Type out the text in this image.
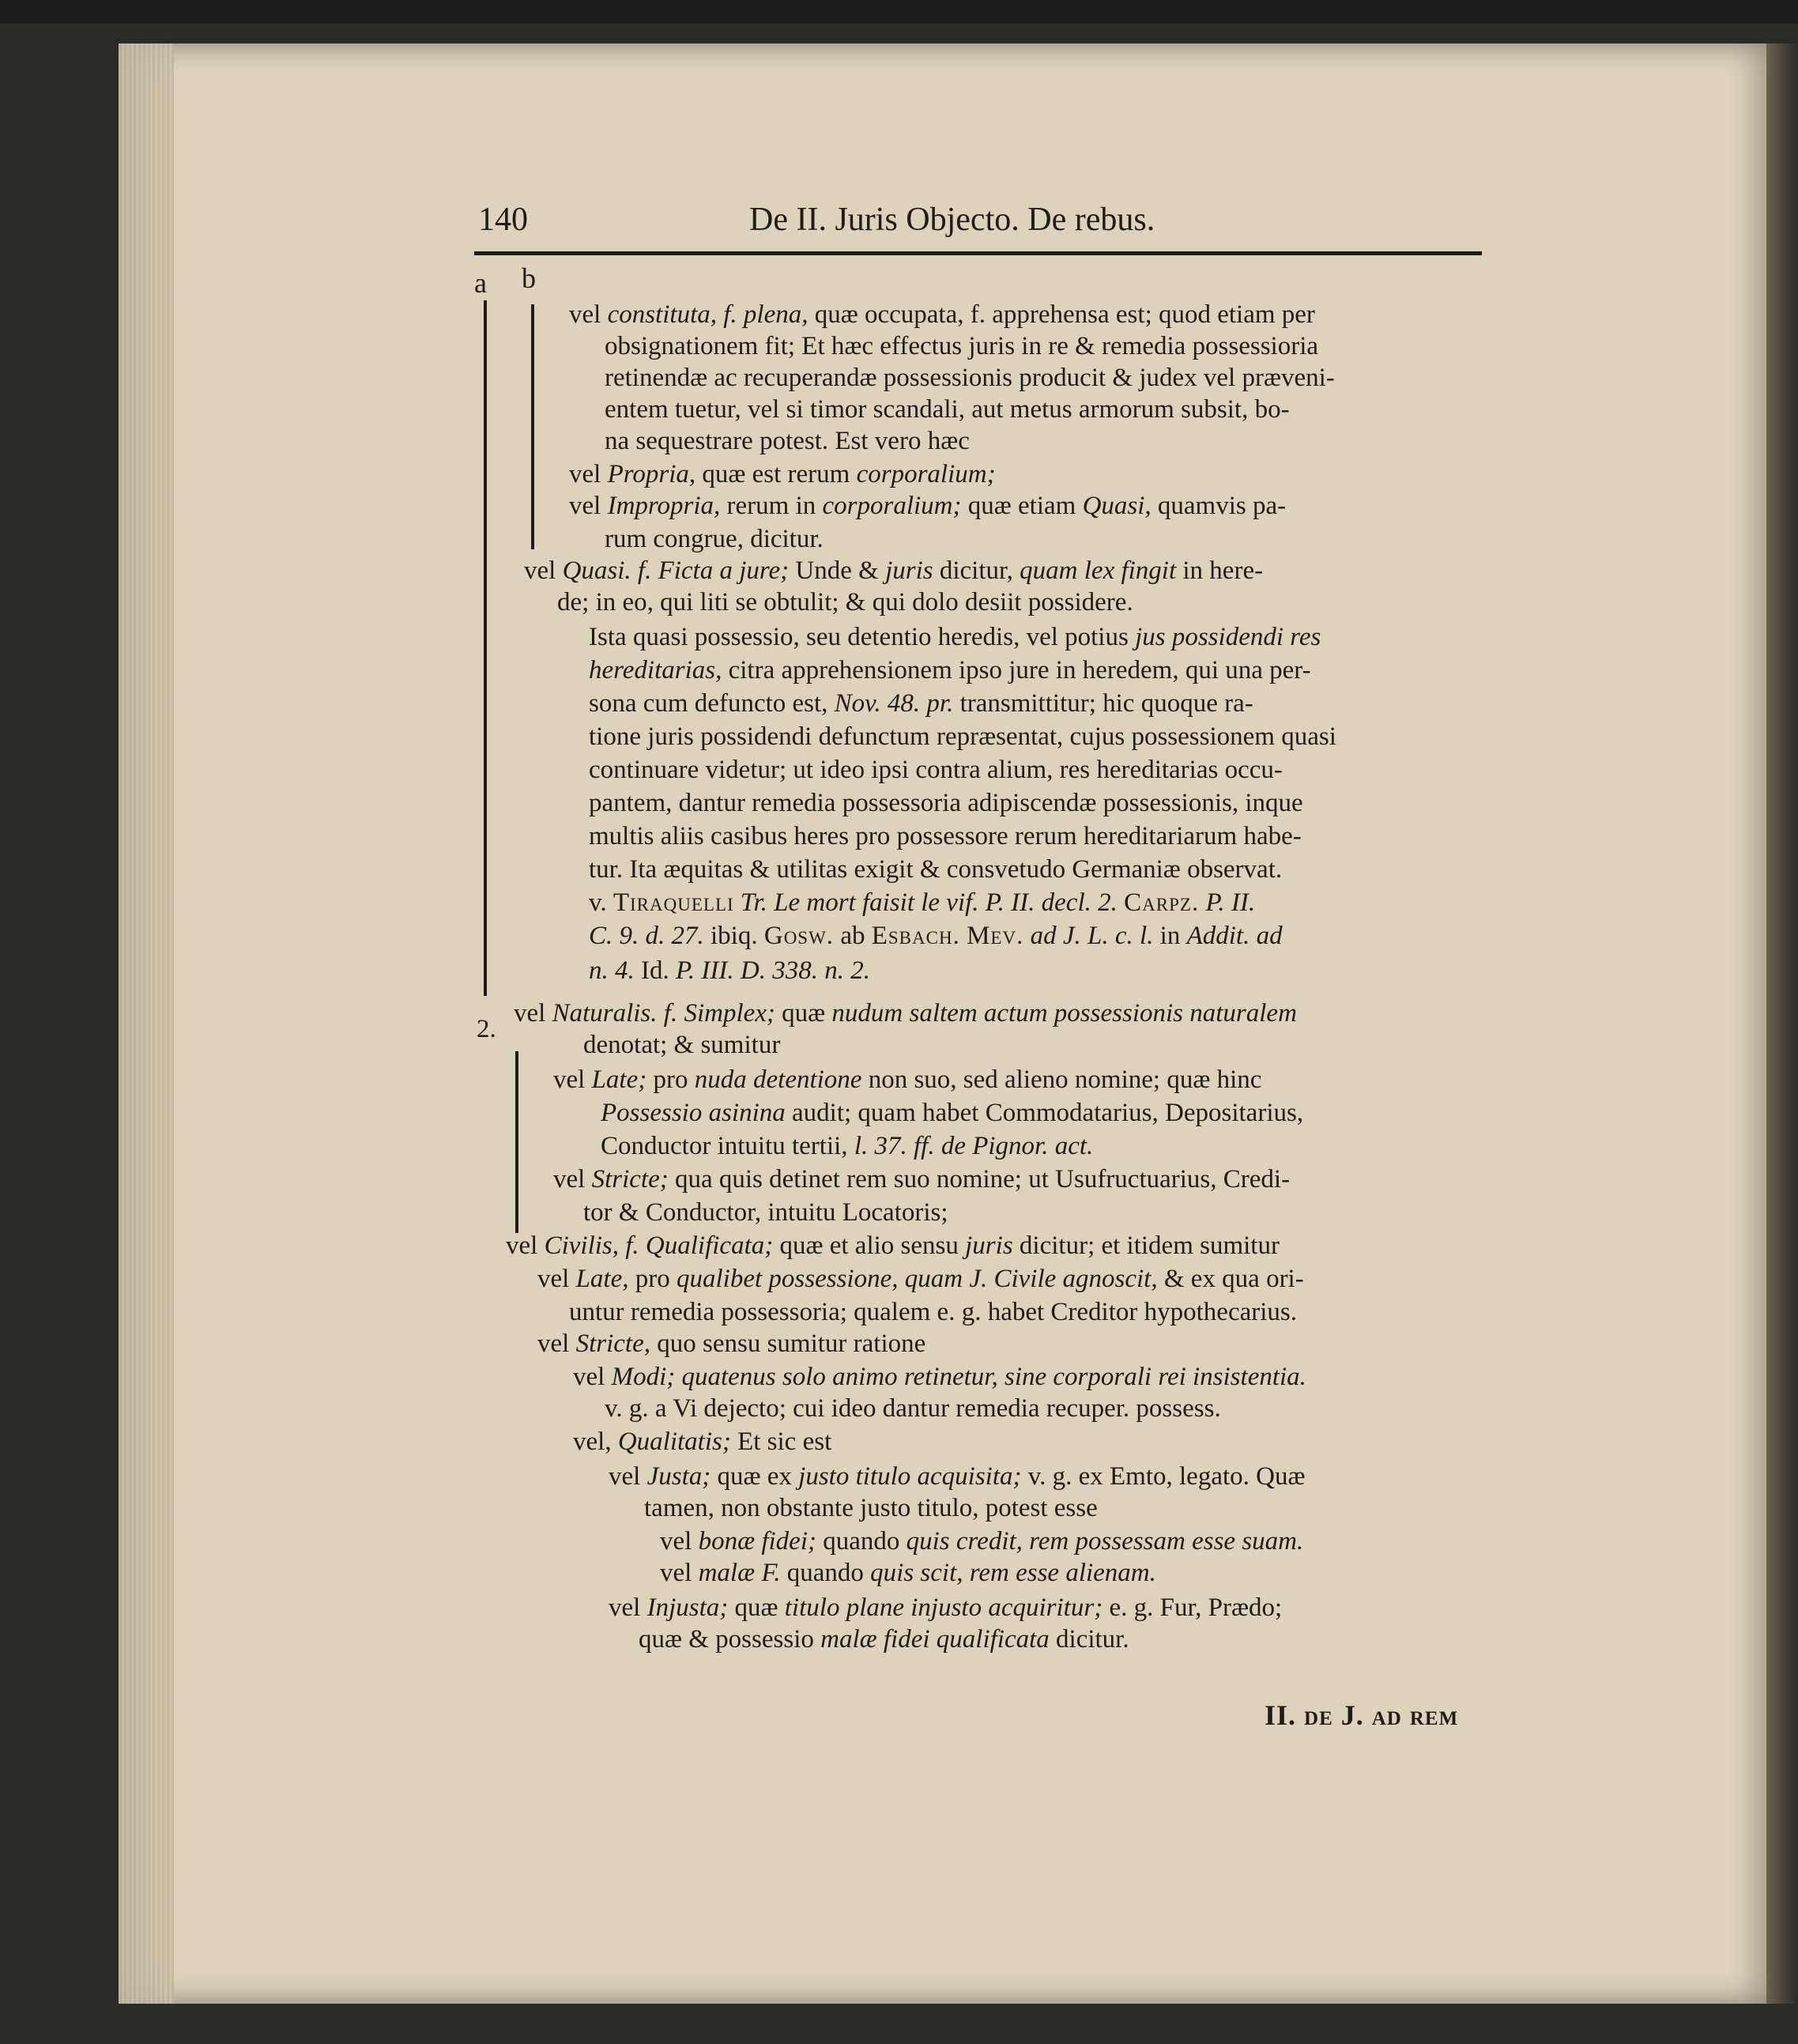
140	De II. Juris Objecto. De rebus.
a b
2.
vel constituta, f. plena, quæ occupata, f. apprehensa est; quod etiam per
obsignationem fit; Et hæc effectus juris in re & remedia possessioria
retinendæ ac recuperandæ possessionis producit & judex vel præveni-
entem tuetur, vel si timor scandali, aut metus armorum subsit, bo-
na sequestrare potest. Est vero hæc
vel Propria, quæ est rerum corporalium;
vel Impropria, rerum in corporalium; quæ etiam Quasi, quamvis pa-
rum congrue, dicitur.
vel Quasi. f. Ficta a jure; Unde & juris dicitur, quam lex fingit in here-
de; in eo, qui liti se obtulit; & qui dolo desiit possidere.
Ista quasi possessio, seu detentio heredis, vel potius jus possidendi res
hereditarias, citra apprehensionem ipso jure in heredem, qui una per-
sona cum defuncto est, Nov. 48. pr. transmittitur; hic quoque ra-
tione juris possidendi defunctum repræsentat, cujus possessionem quasi
continuare videtur; ut ideo ipsi contra alium, res hereditarias occu-
pantem, dantur remedia possessoria adipiscendæ possessionis, inque
multis aliis casibus heres pro possessore rerum hereditariarum habe-
tur. Ita æquitas & utilitas exigit & consvetudo Germaniæ observat.
v. Tiraquelli Tr. Le mort faisit le vif. P. II. decl. 2. Carpz. P. II.
C. 9. d. 27. ibiq. Gosw. ab Esbach. Mev. ad J. L. c. l. in Addit. ad
n. 4. Id. P. III. D. 338. n. 2.
vel Naturalis. f. Simplex; quæ nudum saltem actum possessionis naturalem
denotat; & sumitur
vel Late; pro nuda detentione non suo, sed alieno nomine; quæ hinc
Possessio asinina audit; quam habet Commodatarius, Depositarius,
Conductor intuitu tertii, l. 37. ff. de Pignor. act.
vel Stricte; qua quis detinet rem suo nomine; ut Usufructuarius, Credi-
tor & Conductor, intuitu Locatoris;
vel Civilis, f. Qualificata; quæ et alio sensu juris dicitur; et itidem sumitur
vel Late, pro qualibet possessione, quam J. Civile agnoscit, & ex qua ori-
untur remedia possessoria; qualem e. g. habet Creditor hypothecarius.
vel Stricte, quo sensu sumitur ratione
vel Modi; quatenus solo animo retinetur, sine corporali rei insistentia.
v. g. a Vi dejecto; cui ideo dantur remedia recuper. possess.
vel, Qualitatis; Et sic est
vel Justa; quæ ex justo titulo acquisita; v. g. ex Emto, legato. Quæ
tamen, non obstante justo titulo, potest esse
vel bonæ fidei; quando quis credit, rem possessam esse suam.
vel malæ F. quando quis scit, rem esse alienam.
vel Injusta; quæ titulo plane injusto acquiritur; e. g. Fur, Prædo;
quæ & possessio malæ fidei qualificata dicitur.
II. de J. ad rem
